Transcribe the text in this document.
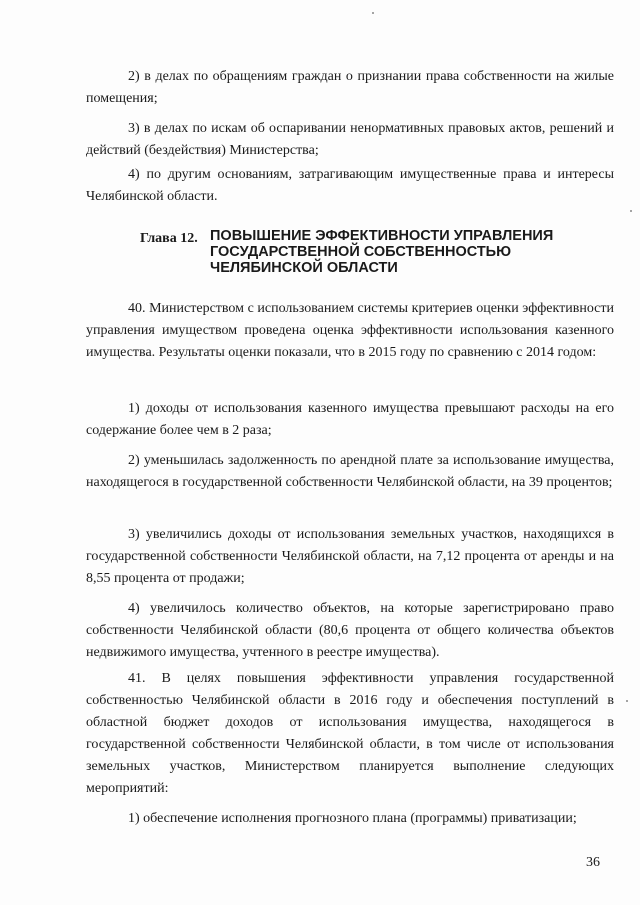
2) в делах по обращениям граждан о признании права собственности на жилые помещения;

3) в делах по искам об оспаривании ненормативных правовых актов, решений и действий (бездействия) Министерства;

4) по другим основаниям, затрагивающим имущественные права и интересы Челябинской области.

Глава 12. ПОВЫШЕНИЕ ЭФФЕКТИВНОСТИ УПРАВЛЕНИЯ ГОСУДАРСТВЕННОЙ СОБСТВЕННОСТЬЮ ЧЕЛЯБИНСКОЙ ОБЛАСТИ

40. Министерством с использованием системы критериев оценки эффективности управления имуществом проведена оценка эффективности использования казенного имущества. Результаты оценки показали, что в 2015 году по сравнению с 2014 годом:

1) доходы от использования казенного имущества превышают расходы на его содержание более чем в 2 раза;

2) уменьшилась задолженность по арендной плате за использование имущества, находящегося в государственной собственности Челябинской области, на 39 процентов;

3) увеличились доходы от использования земельных участков, находящихся в государственной собственности Челябинской области, на 7,12 процента от аренды и на 8,55 процента от продажи;

4) увеличилось количество объектов, на которые зарегистрировано право собственности Челябинской области (80,6 процента от общего количества объектов недвижимого имущества, учтенного в реестре имущества).

41. В целях повышения эффективности управления государственной собственностью Челябинской области в 2016 году и обеспечения поступлений в областной бюджет доходов от использования имущества, находящегося в государственной собственности Челябинской области, в том числе от использования земельных участков, Министерством планируется выполнение следующих мероприятий:

1) обеспечение исполнения прогнозного плана (программы) приватизации;

36
